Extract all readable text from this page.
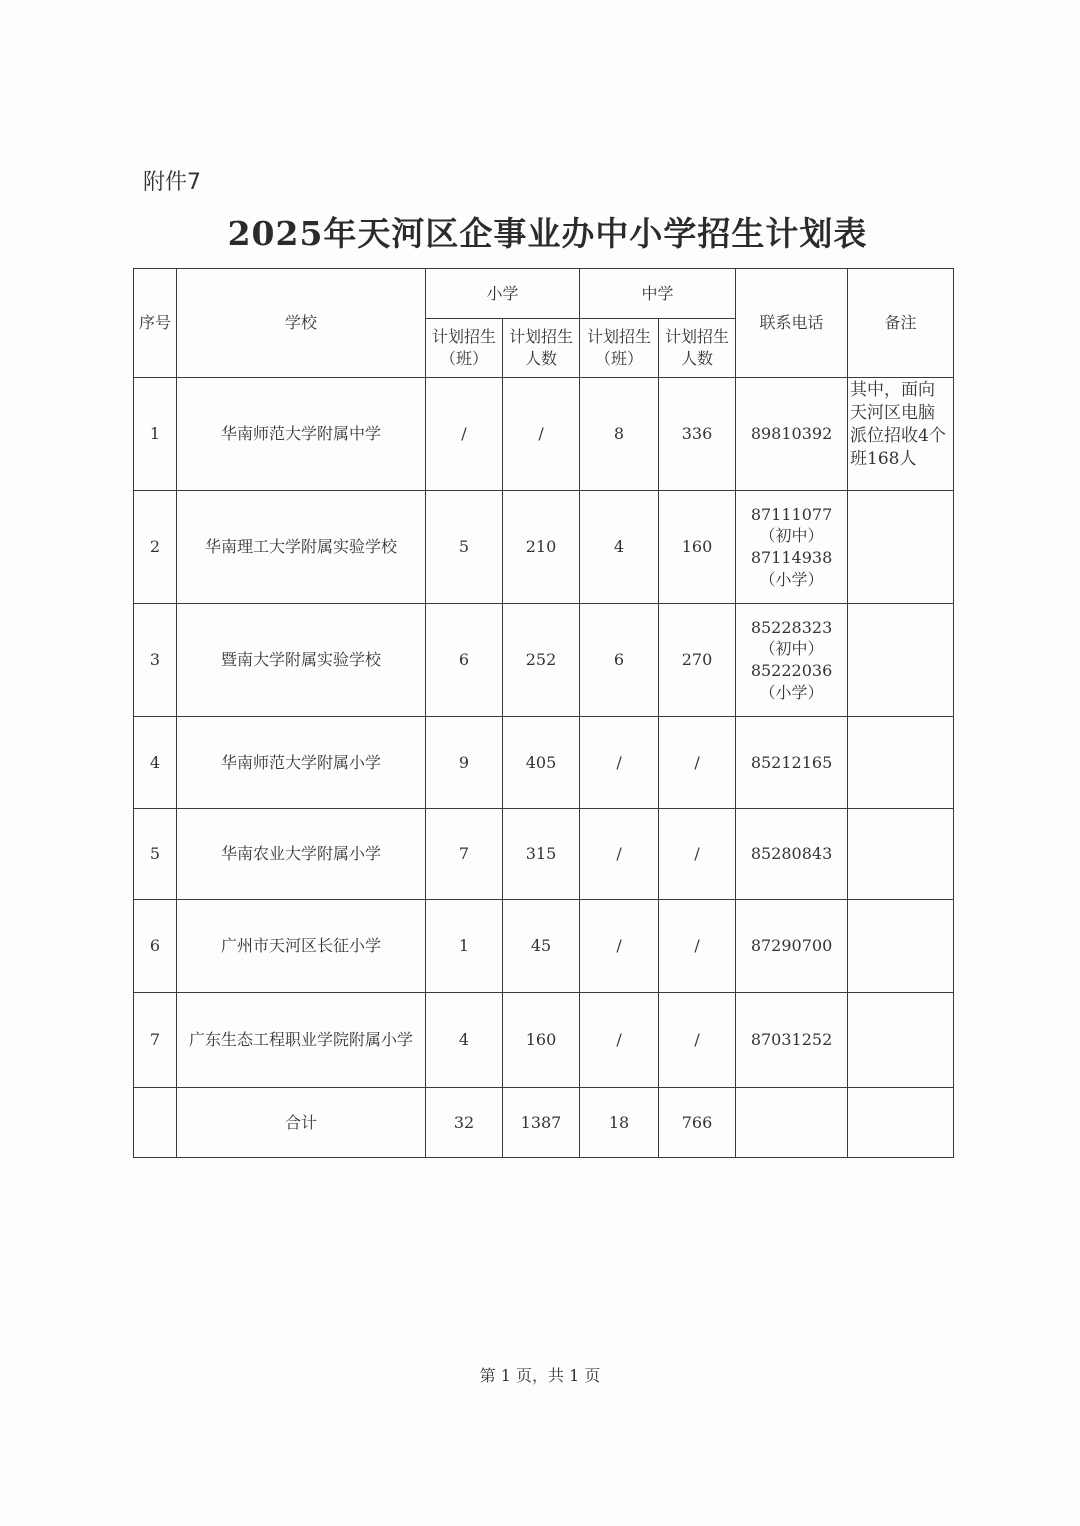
附件7
2025年天河区企事业办中小学招生计划表
序号	学校	小学		中学		联系电话	备注
		计划招生（班）	计划招生人数	计划招生（班）	计划招生人数		
1	华南师范大学附属中学	/	/	8	336	89810392	其中，面向天河区电脑派位招收4个班168人
2	华南理工大学附属实验学校	5	210	4	160	87111077（初中）87114938（小学）	
3	暨南大学附属实验学校	6	252	6	270	85228323（初中）85222036（小学）	
4	华南师范大学附属小学	9	405	/	/	85212165	
5	华南农业大学附属小学	7	315	/	/	85280843	
6	广州市天河区长征小学	1	45	/	/	87290700	
7	广东生态工程职业学院附属小学	4	160	/	/	87031252	
	合计	32	1387	18	766		
第 1 页，共 1 页
